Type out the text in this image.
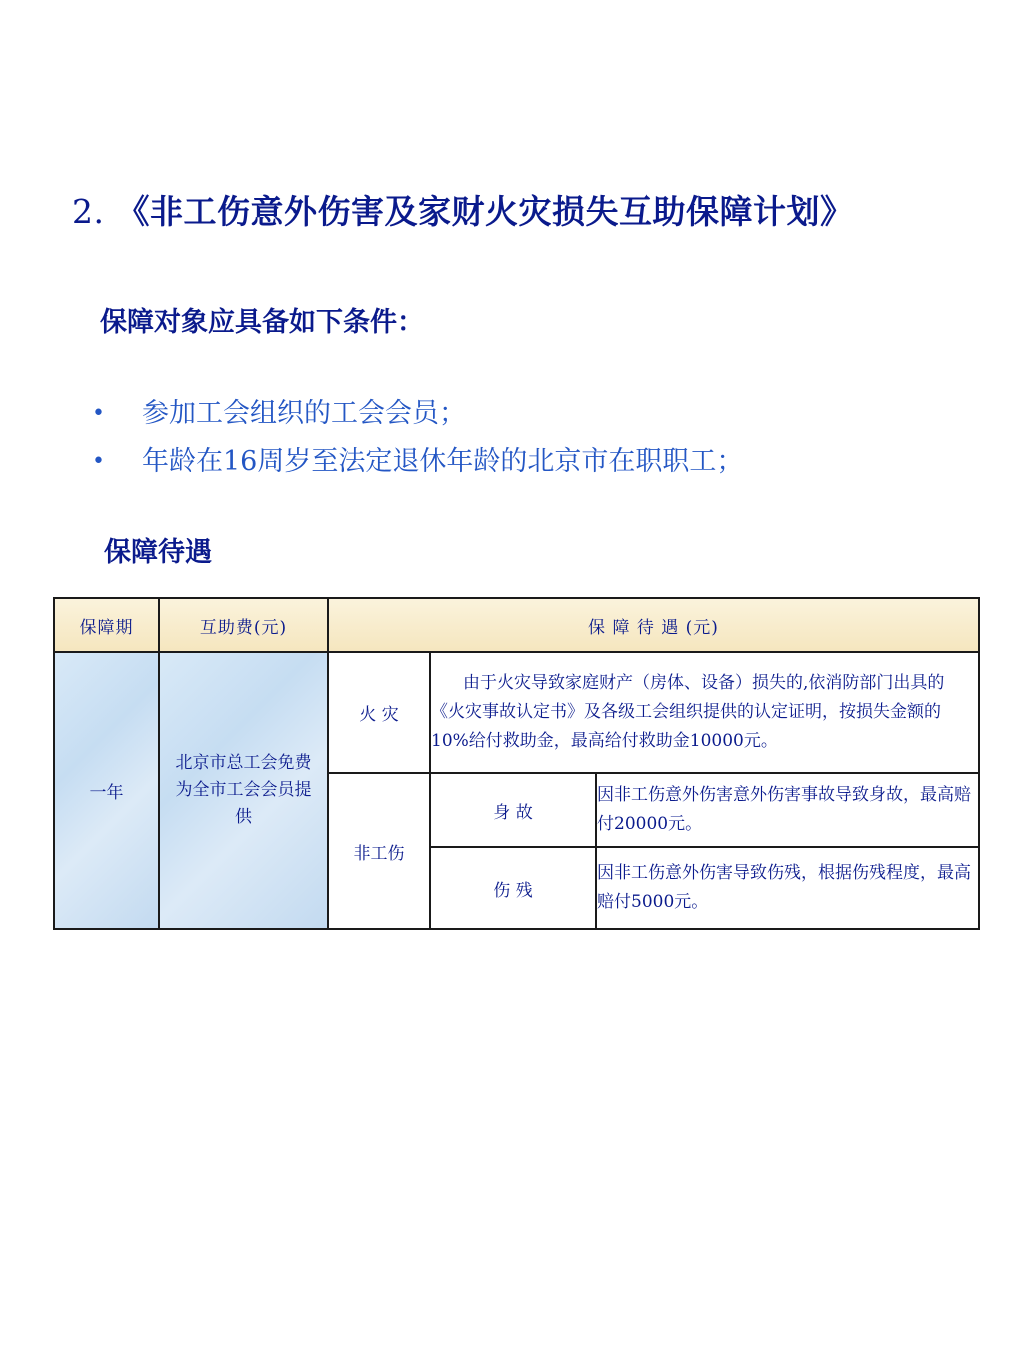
2. 《非工伤意外伤害及家财火灾损失互助保障计划》
保障对象应具备如下条件：
• 参加工会组织的工会会员；
• 年龄在16周岁至法定退休年龄的北京市在职职工；
保障待遇
保障期	互助费(元)	保 障 待 遇 (元)		
一年	北京市总工会免费为全市工会会员提供	火 灾	由于火灾导致家庭财产（房体、设备）损失的,依消防部门出具的《火灾事故认定书》及各级工会组织提供的认定证明，按损失金额的10%给付救助金，最高给付救助金10000元。	
		非工伤	身 故	因非工伤意外伤害意外伤害事故导致身故，最高赔付20000元。
			伤 残	因非工伤意外伤害导致伤残，根据伤残程度，最高赔付5000元。
